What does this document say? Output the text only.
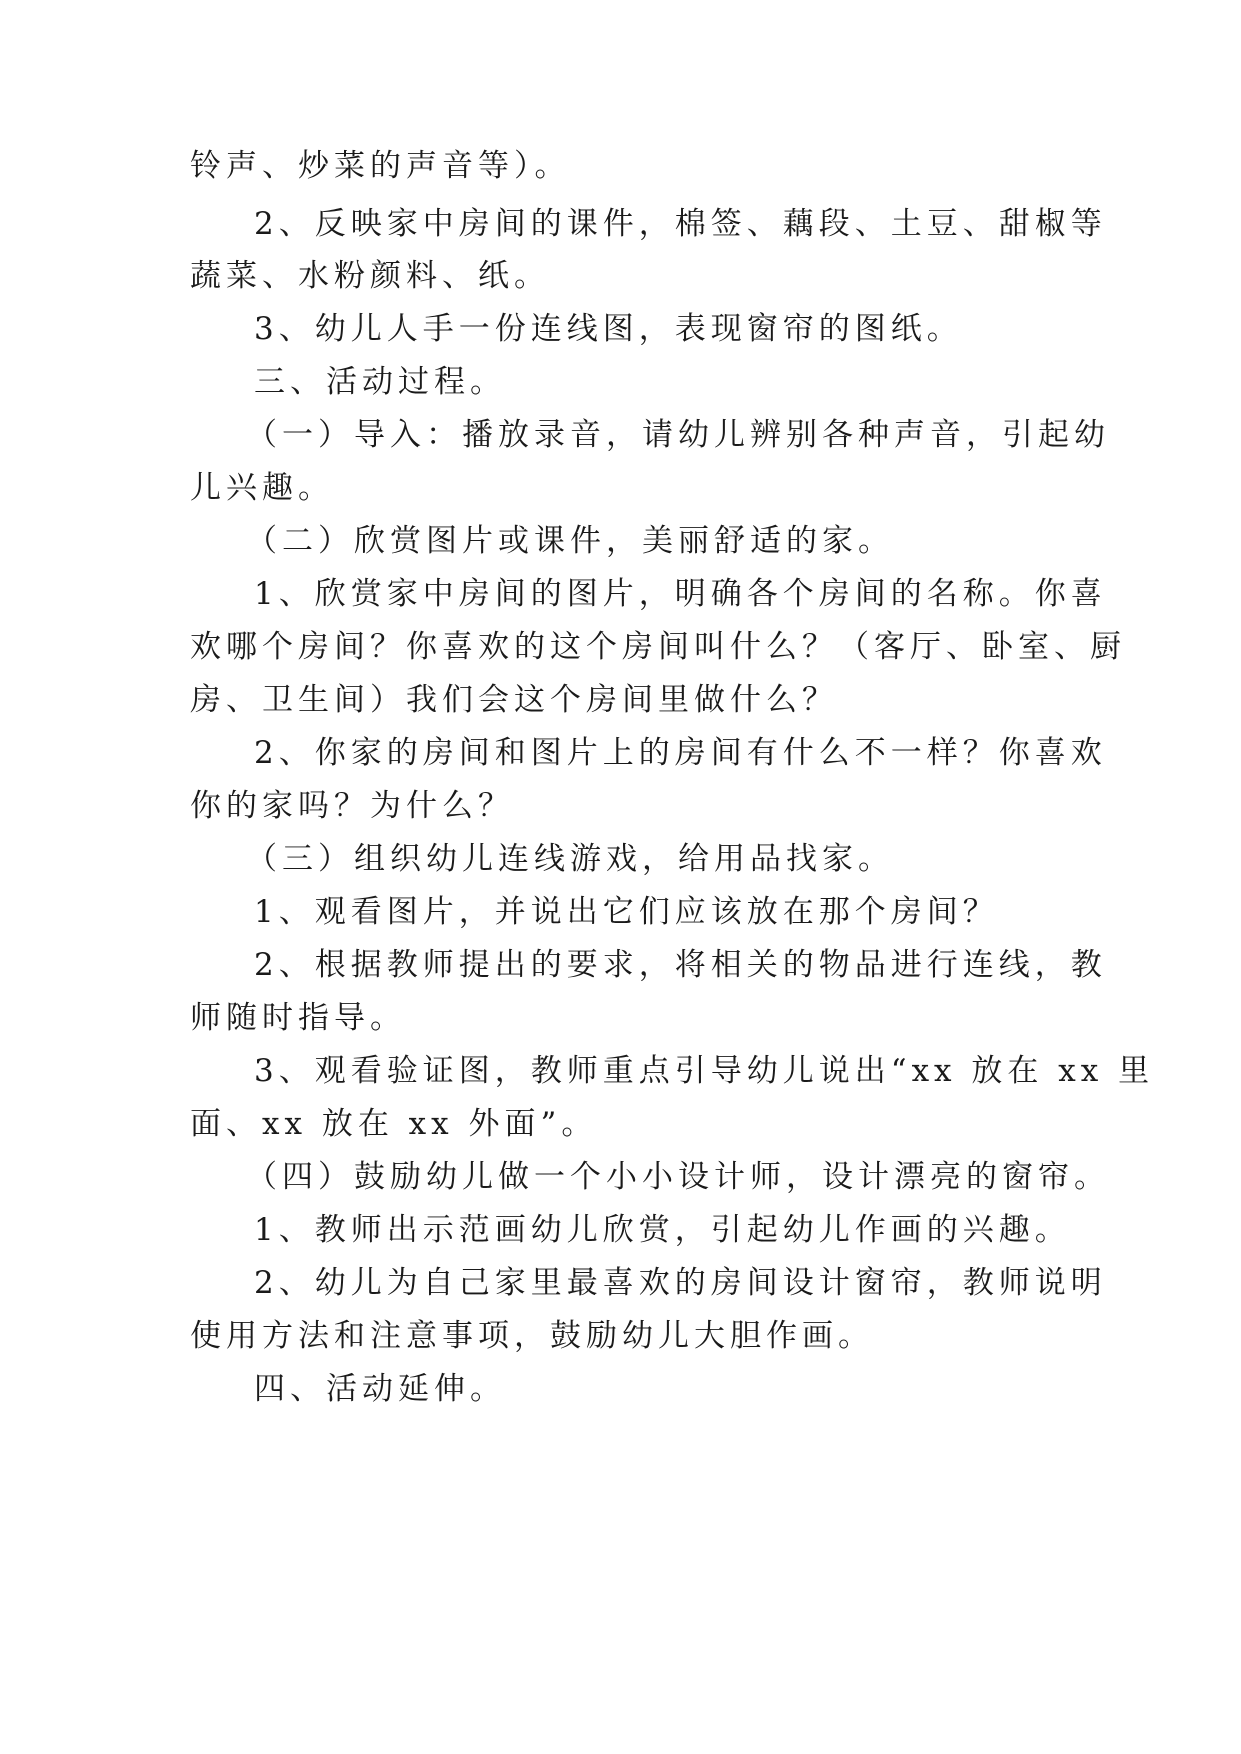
铃声、炒菜的声音等）。
2、反映家中房间的课件，棉签、藕段、土豆、甜椒等
蔬菜、水粉颜料、纸。
3、幼儿人手一份连线图，表现窗帘的图纸。
三、活动过程。
（一）导入：播放录音，请幼儿辨别各种声音，引起幼
儿兴趣。
（二）欣赏图片或课件，美丽舒适的家。
1、欣赏家中房间的图片，明确各个房间的名称。你喜
欢哪个房间？你喜欢的这个房间叫什么？（客厅、卧室、厨
房、卫生间）我们会这个房间里做什么？
2、你家的房间和图片上的房间有什么不一样？你喜欢
你的家吗？为什么？
（三）组织幼儿连线游戏，给用品找家。
1、观看图片，并说出它们应该放在那个房间？
2、根据教师提出的要求，将相关的物品进行连线，教
师随时指导。
3、观看验证图，教师重点引导幼儿说出“xx 放在 xx 里
面、xx 放在 xx 外面”。
（四）鼓励幼儿做一个小小设计师，设计漂亮的窗帘。
1、教师出示范画幼儿欣赏，引起幼儿作画的兴趣。
2、幼儿为自己家里最喜欢的房间设计窗帘，教师说明
使用方法和注意事项，鼓励幼儿大胆作画。
四、活动延伸。
